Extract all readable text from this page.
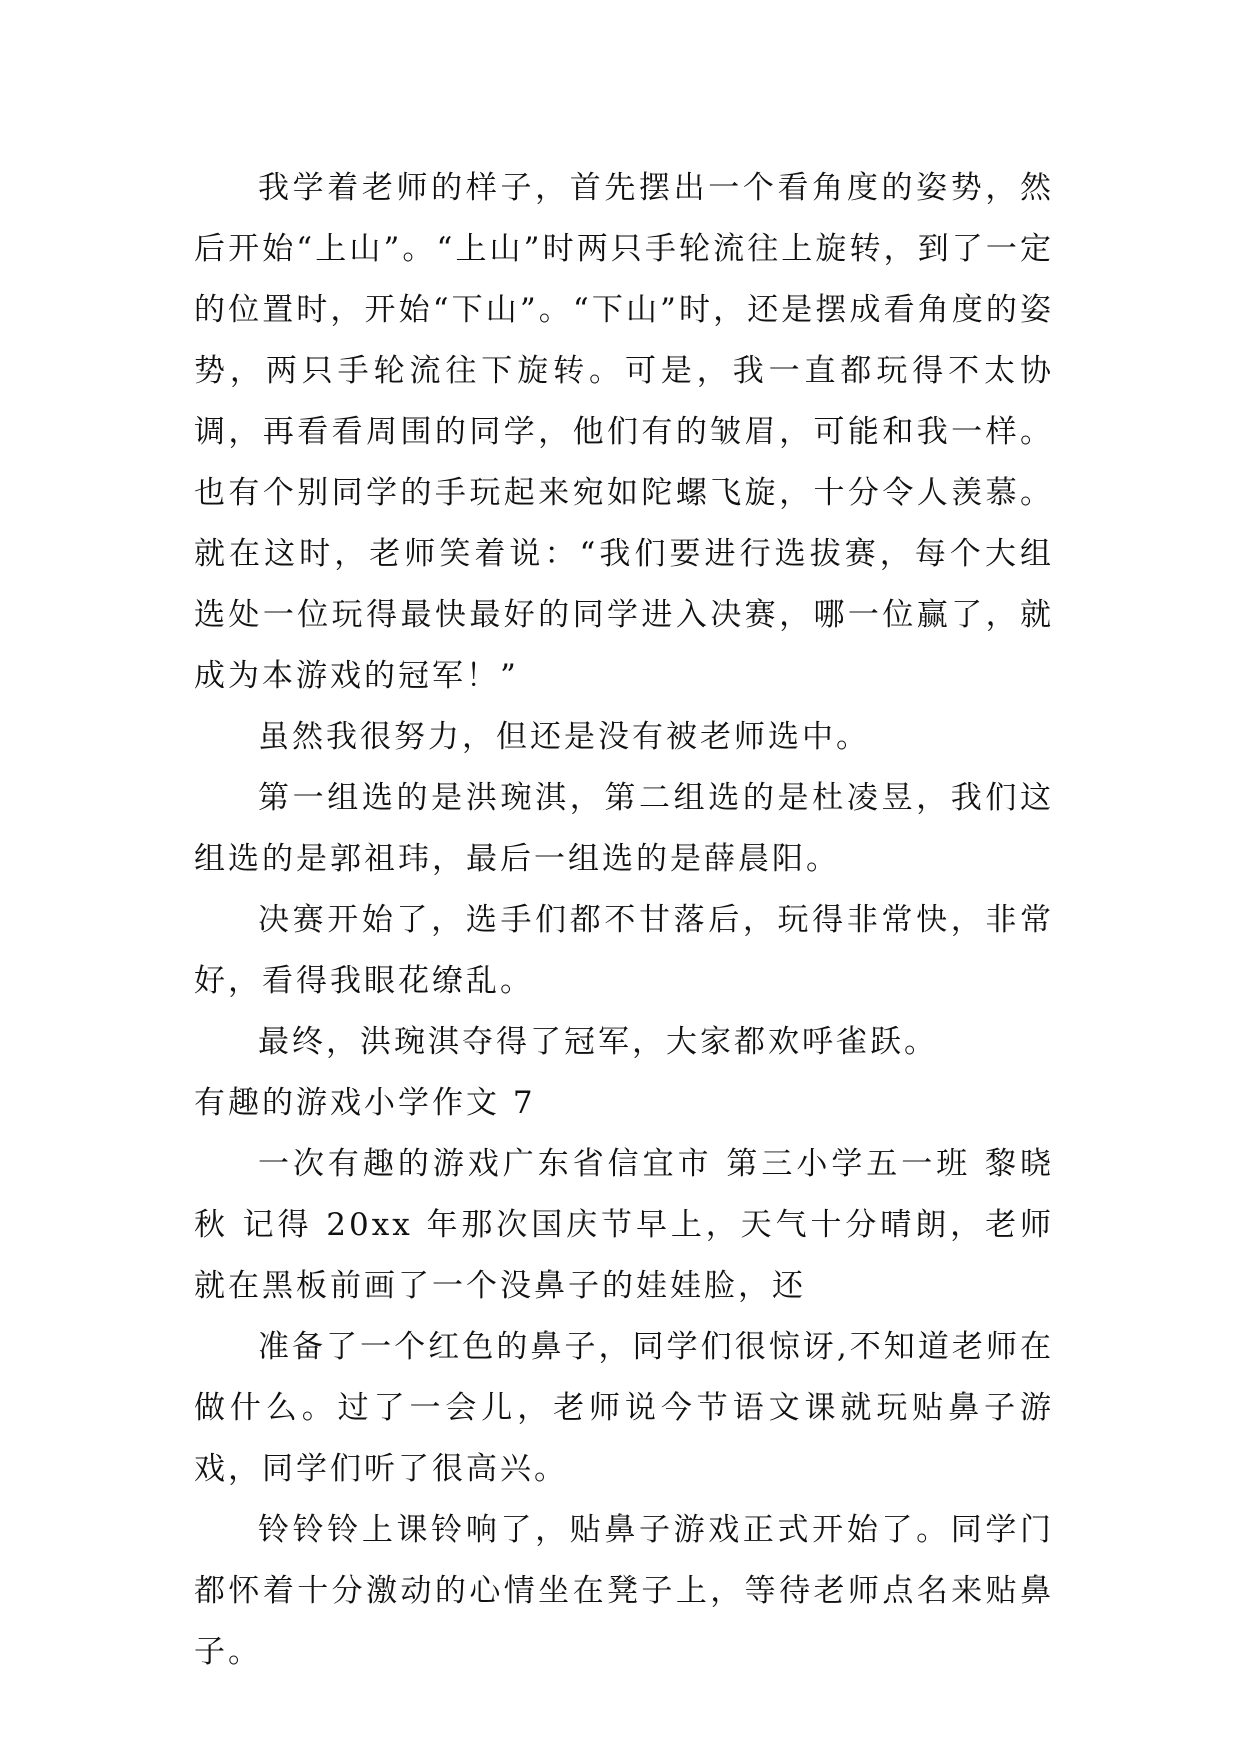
我学着老师的样子，首先摆出一个看角度的姿势，然后开始“上山”。“上山”时两只手轮流往上旋转，到了一定的位置时，开始“下山”。“下山”时，还是摆成看角度的姿势，两只手轮流往下旋转。可是，我一直都玩得不太协调，再看看周围的同学，他们有的皱眉，可能和我一样。也有个别同学的手玩起来宛如陀螺飞旋，十分令人羡慕。就在这时，老师笑着说：“我们要进行选拔赛，每个大组选处一位玩得最快最好的同学进入决赛，哪一位赢了，就成为本游戏的冠军！”

虽然我很努力，但还是没有被老师选中。

第一组选的是洪琬淇，第二组选的是杜凌昱，我们这组选的是郭祖玮，最后一组选的是薛晨阳。

决赛开始了，选手们都不甘落后，玩得非常快，非常好，看得我眼花缭乱。

最终，洪琬淇夺得了冠军，大家都欢呼雀跃。

有趣的游戏小学作文 7

一次有趣的游戏广东省信宜市 第三小学五一班 黎晓秋 记得 20xx 年那次国庆节早上，天气十分晴朗，老师就在黑板前画了一个没鼻子的娃娃脸，还

准备了一个红色的鼻子，同学们很惊讶,不知道老师在做什么。过了一会儿，老师说今节语文课就玩贴鼻子游戏，同学们听了很高兴。

铃铃铃上课铃响了，贴鼻子游戏正式开始了。同学门都怀着十分激动的心情坐在凳子上，等待老师点名来贴鼻子。
